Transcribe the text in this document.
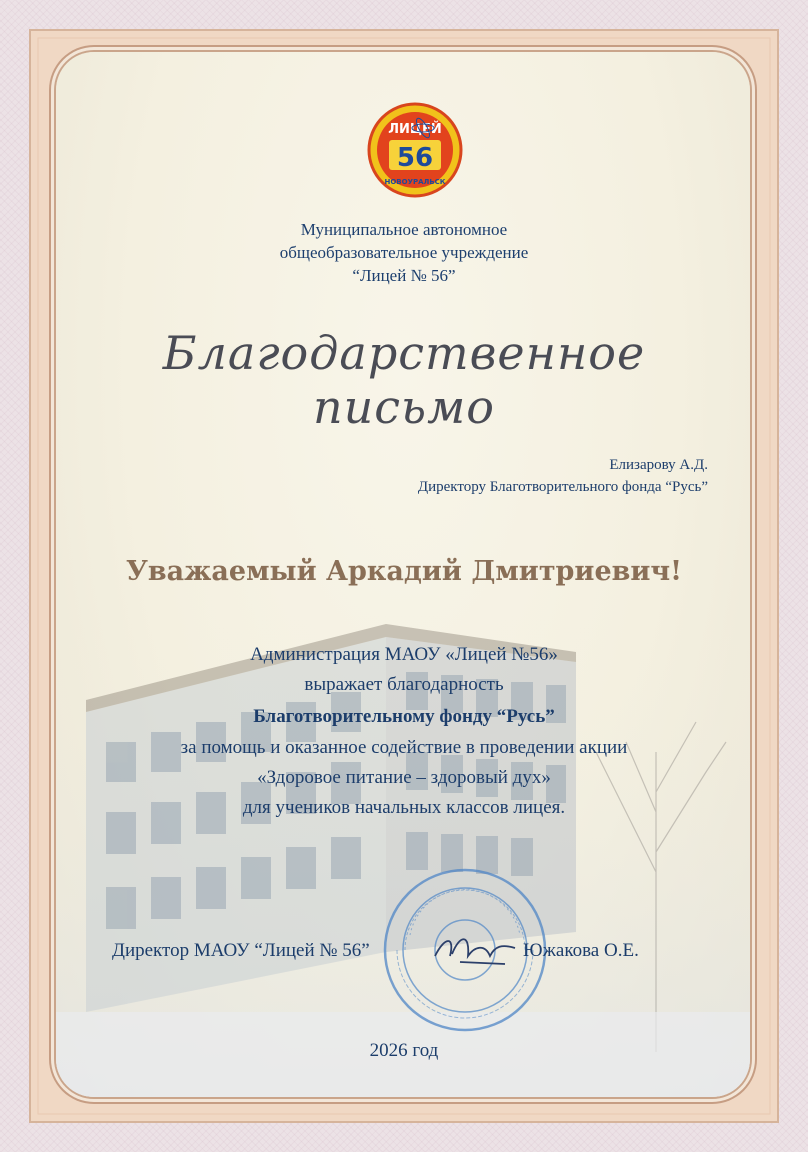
ЛИЦЕЙ
56
НОВОУРАЛЬСК
Муниципальное автономное
общеобразовательное учреждение
“Лицей № 56”
Благодарственное
письмо
Елизарову А.Д.
Директору Благотворительного фонда “Русь”
Уважаемый Аркадий Дмитриевич!
Администрация МАОУ «Лицей №56»
выражает благодарность
Благотворительному фонду “Русь”
за помощь и оказанное содействие в проведении акции
«Здоровое питание – здоровый дух»
для учеников начальных классов лицея.
Директор МАОУ “Лицей № 56”	Южакова О.Е.
2026 год
